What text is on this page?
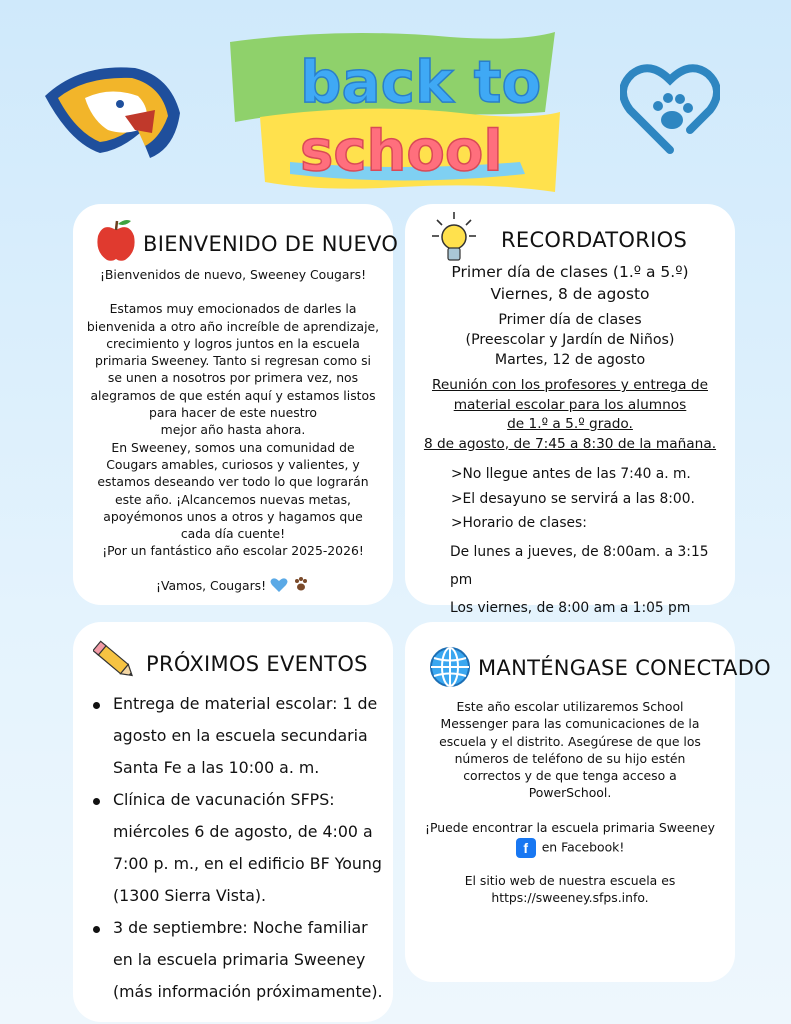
back to
school
BIENVENIDO DE NUEVO
¡Bienvenidos de nuevo, Sweeney Cougars!
Estamos muy emocionados de darles la
bienvenida a otro año increíble de aprendizaje,
crecimiento y logros juntos en la escuela
primaria Sweeney. Tanto si regresan como si
se unen a nosotros por primera vez, nos
alegramos de que estén aquí y estamos listos
para hacer de este nuestro
mejor año hasta ahora.
En Sweeney, somos una comunidad de
Cougars amables, curiosos y valientes, y
estamos deseando ver todo lo que lograrán
este año. ¡Alcancemos nuevas metas,
apoyémonos unos a otros y hagamos que
cada día cuente!
¡Por un fantástico año escolar 2025-2026!
¡Vamos, Cougars!
RECORDATORIOS
Primer día de clases (1.º a 5.º)
Viernes, 8 de agosto
Primer día de clases
(Preescolar y Jardín de Niños)
Martes, 12 de agosto
Reunión con los profesores y entrega de
material escolar para los alumnos
de 1.º a 5.º grado.
8 de agosto, de 7:45 a 8:30 de la mañana.
>No llegue antes de las 7:40 a. m.
>El desayuno se servirá a las 8:00.
>Horario de clases:
De lunes a jueves, de 8:00am. a 3:15 pm
Los viernes, de 8:00 am a 1:05 pm
PRÓXIMOS EVENTOS
Entrega de material escolar: 1 de agosto en la escuela secundaria Santa Fe a las 10:00 a. m.
Clínica de vacunación SFPS: miércoles 6 de agosto, de 4:00 a 7:00 p. m., en el edificio BF Young (1300 Sierra Vista).
3 de septiembre: Noche familiar en la escuela primaria Sweeney (más información próximamente).
MANTÉNGASE CONECTADO
Este año escolar utilizaremos School
Messenger para las comunicaciones de la
escuela y el distrito. Asegúrese de que los
números de teléfono de su hijo estén
correctos y de que tenga acceso a
PowerSchool.
¡Puede encontrar la escuela primaria Sweeney
f en Facebook!
El sitio web de nuestra escuela es
https://sweeney.sfps.info.
